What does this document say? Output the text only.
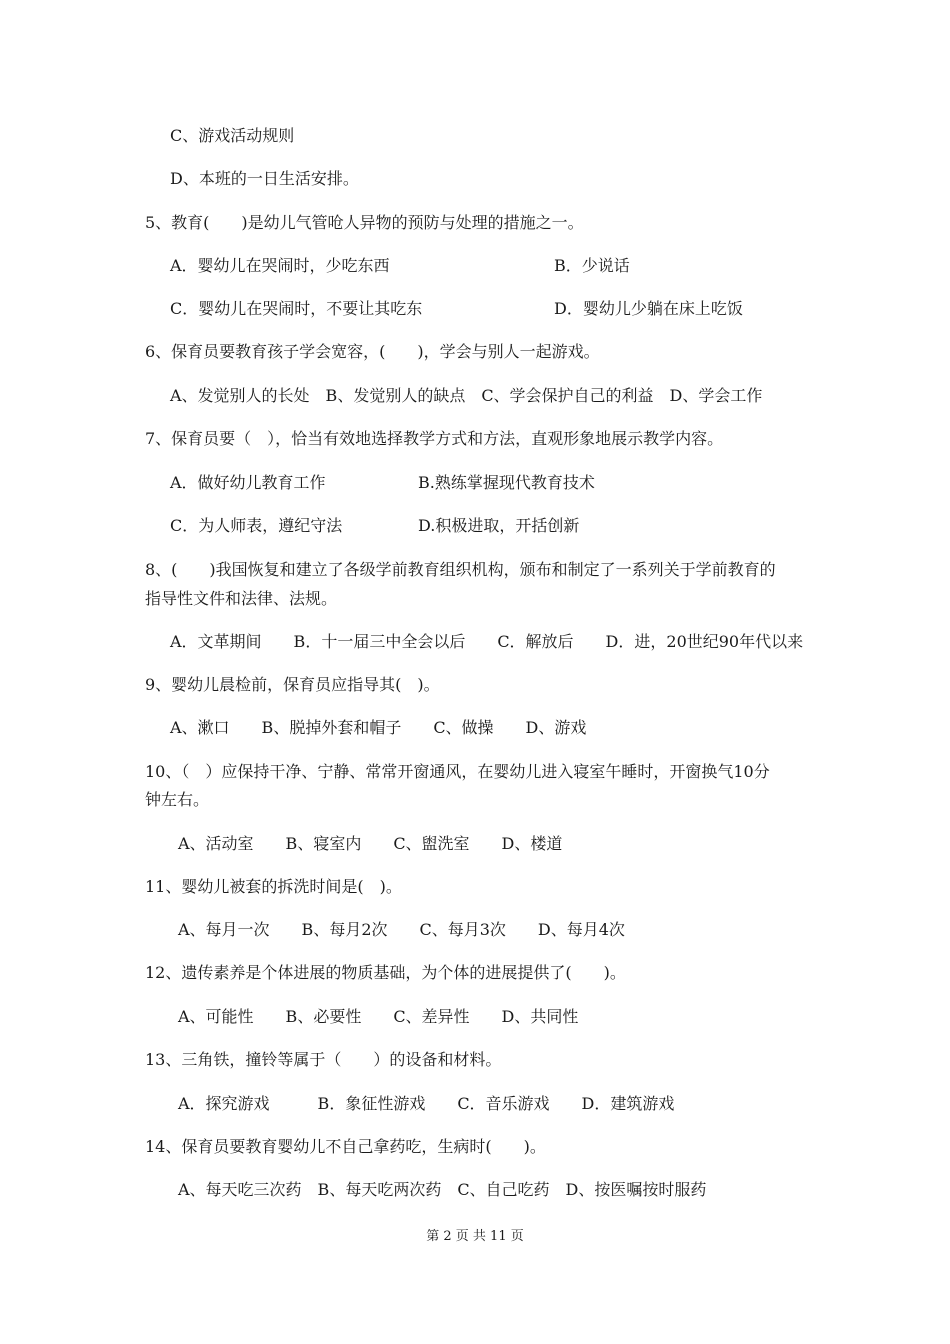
C、游戏活动规则
D、本班的一日生活安排。
5、教育(　　)是幼儿气管呛人异物的预防与处理的措施之一。
A．婴幼儿在哭闹时，少吃东西	B．少说话
C．婴幼儿在哭闹时，不要让其吃东	D．婴幼儿少躺在床上吃饭
6、保育员要教育孩子学会宽容，(　　)，学会与别人一起游戏。
A、发觉别人的长处　B、发觉别人的缺点　C、学会保护自己的利益　D、学会工作
7、保育员要（　），恰当有效地选择教学方式和方法，直观形象地展示教学内容。
A．做好幼儿教育工作	B.熟练掌握现代教育技术
C．为人师表，遵纪守法	D.积极进取，开括创新
8、(　　)我国恢复和建立了各级学前教育组织机构，颁布和制定了一系列关于学前教育的
指导性文件和法律、法规。
A．文革期间　　B．十一届三中全会以后　　C．解放后　　D．进，20世纪90年代以来
9、婴幼儿晨检前，保育员应指导其(　)。
A、漱口　　B、脱掉外套和帽子　　C、做操　　D、游戏
10、（　）应保持干净、宁静、常常开窗通风，在婴幼儿进入寝室午睡时，开窗换气10分
钟左右。
A、活动室　　B、寝室内　　C、盥洗室　　D、楼道
11、婴幼儿被套的拆洗时间是(　)。
A、每月一次　　B、每月2次　　C、每月3次　　D、每月4次
12、遗传素养是个体进展的物质基础，为个体的进展提供了(　　)。
A、可能性　　B、必要性　　C、差异性　　D、共同性
13、三角铁，撞铃等属于（　　）的设备和材料。
A．探究游戏　　　B．象征性游戏　　C．音乐游戏　　D．建筑游戏
14、保育员要教育婴幼儿不自己拿药吃，生病时(　　)。
A、每天吃三次药　B、每天吃两次药　C、自己吃药　D、按医嘱按时服药
第 2 页 共 11 页
